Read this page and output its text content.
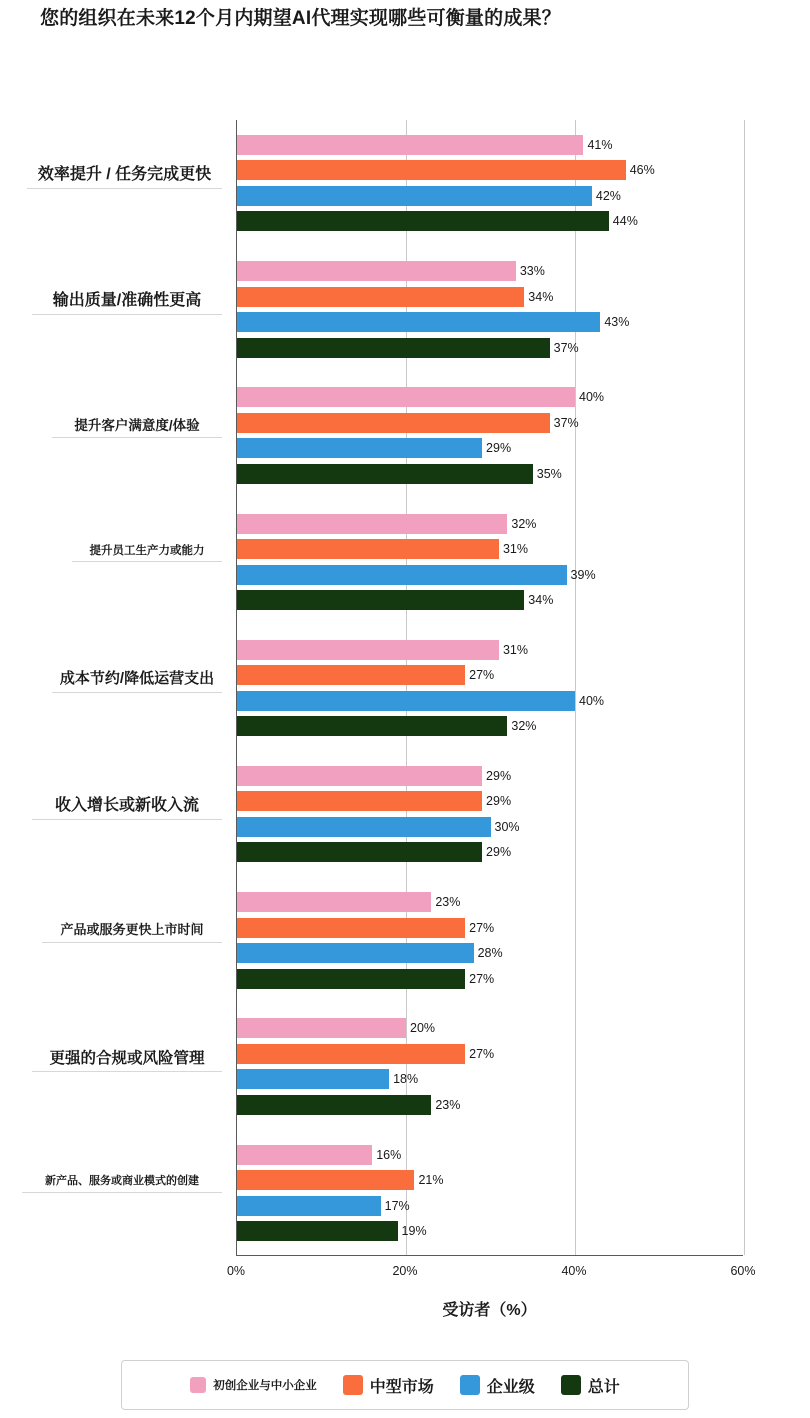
您的组织在未来12个月内期望AI代理实现哪些可衡量的成果？
41%
46%
42%
44%
33%
34%
43%
37%
40%
37%
29%
35%
32%
31%
39%
34%
31%
27%
40%
32%
29%
29%
30%
29%
23%
27%
28%
27%
20%
27%
18%
23%
16%
21%
17%
19%
效率提升 / 任务完成更快
输出质量/准确性更高
提升客户满意度/体验
提升员工生产力或能力
成本节约/降低运营支出
收入增长或新收入流
产品或服务更快上市时间
更强的合规或风险管理
新产品、服务或商业模式的创建
0%	20%	40%	60%
受访者（%）
初创企业与中小企业	中型市场	企业级	总计
